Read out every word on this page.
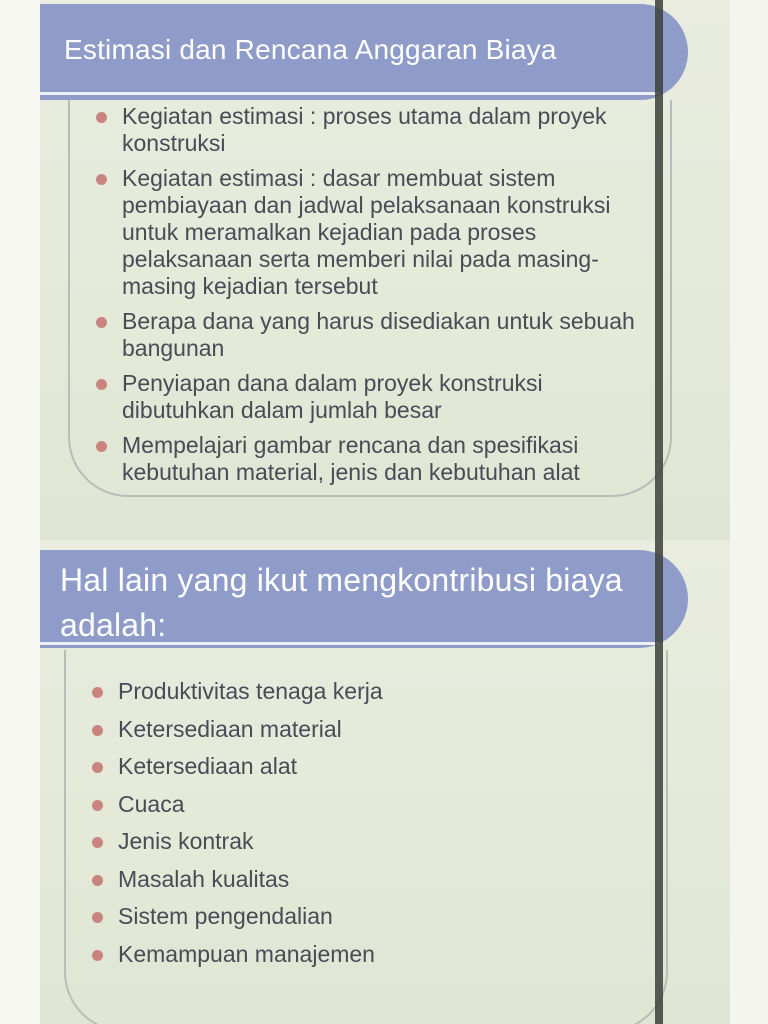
Estimasi dan Rencana Anggaran Biaya
Kegiatan estimasi : proses utama dalam proyek konstruksi
Kegiatan estimasi : dasar membuat sistem pembiayaan dan jadwal pelaksanaan konstruksi untuk meramalkan kejadian pada proses pelaksanaan serta memberi nilai pada masing-masing kejadian tersebut
Berapa dana yang harus disediakan untuk sebuah bangunan
Penyiapan dana dalam proyek konstruksi dibutuhkan dalam jumlah besar
Mempelajari gambar rencana dan spesifikasi kebutuhan material, jenis dan kebutuhan alat
Hal lain yang ikut mengkontribusi biaya adalah:
Produktivitas tenaga kerja
Ketersediaan material
Ketersediaan alat
Cuaca
Jenis kontrak
Masalah kualitas
Sistem pengendalian
Kemampuan manajemen
